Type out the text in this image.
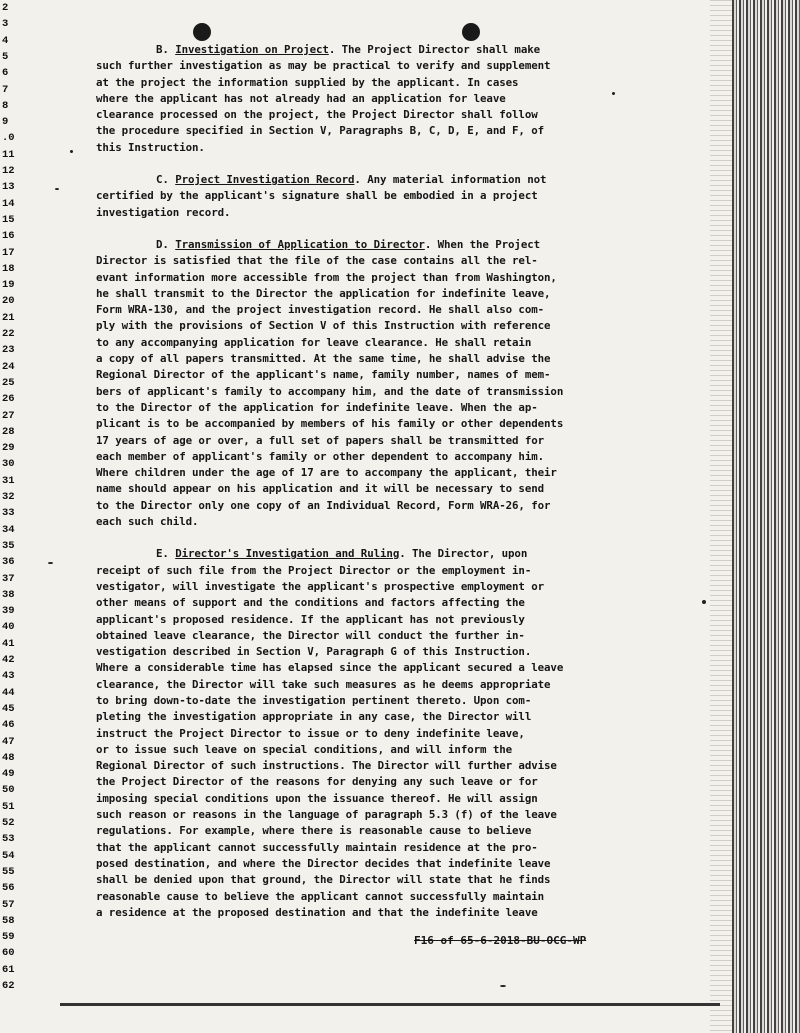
2
3
4
5
6
7
8
9
.0
11
12
13
14
15
16
17
18
19
20
21
22
23
24
25
26
27
28
29
30
31
32
33
34
35
36
37
38
39
40
41
42
43
44
45
46
47
48
49
50
51
52
53
54
55
56
57
58
59
60
61
62
B. Investigation on Project. The Project Director shall make
such further investigation as may be practical to verify and supplement
at the project the information supplied by the applicant. In cases
where the applicant has not already had an application for leave
clearance processed on the project, the Project Director shall follow
the procedure specified in Section V, Paragraphs B, C, D, E, and F, of
this Instruction.
C. Project Investigation Record. Any material information not
certified by the applicant's signature shall be embodied in a project
investigation record.
D. Transmission of Application to Director. When the Project
Director is satisfied that the file of the case contains all the rel-
evant information more accessible from the project than from Washington,
he shall transmit to the Director the application for indefinite leave,
Form WRA-130, and the project investigation record. He shall also com-
ply with the provisions of Section V of this Instruction with reference
to any accompanying application for leave clearance. He shall retain
a copy of all papers transmitted. At the same time, he shall advise the
Regional Director of the applicant's name, family number, names of mem-
bers of applicant's family to accompany him, and the date of transmission
to the Director of the application for indefinite leave. When the ap-
plicant is to be accompanied by members of his family or other dependents
17 years of age or over, a full set of papers shall be transmitted for
each member of applicant's family or other dependent to accompany him.
Where children under the age of 17 are to accompany the applicant, their
name should appear on his application and it will be necessary to send
to the Director only one copy of an Individual Record, Form WRA-26, for
each such child.
E. Director's Investigation and Ruling. The Director, upon
receipt of such file from the Project Director or the employment in-
vestigator, will investigate the applicant's prospective employment or
other means of support and the conditions and factors affecting the
applicant's proposed residence. If the applicant has not previously
obtained leave clearance, the Director will conduct the further in-
vestigation described in Section V, Paragraph G of this Instruction.
Where a considerable time has elapsed since the applicant secured a leave
clearance, the Director will take such measures as he deems appropriate
to bring down-to-date the investigation pertinent thereto. Upon com-
pleting the investigation appropriate in any case, the Director will
instruct the Project Director to issue or to deny indefinite leave,
or to issue such leave on special conditions, and will inform the
Regional Director of such instructions. The Director will further advise
the Project Director of the reasons for denying any such leave or for
imposing special conditions upon the issuance thereof. He will assign
such reason or reasons in the language of paragraph 5.3 (f) of the leave
regulations. For example, where there is reasonable cause to believe
that the applicant cannot successfully maintain residence at the pro-
posed destination, and where the Director decides that indefinite leave
shall be denied upon that ground, the Director will state that he finds
reasonable cause to believe the applicant cannot successfully maintain
a residence at the proposed destination and that the indefinite leave
F16 of 65-6-2018-BU-OCG-WP
